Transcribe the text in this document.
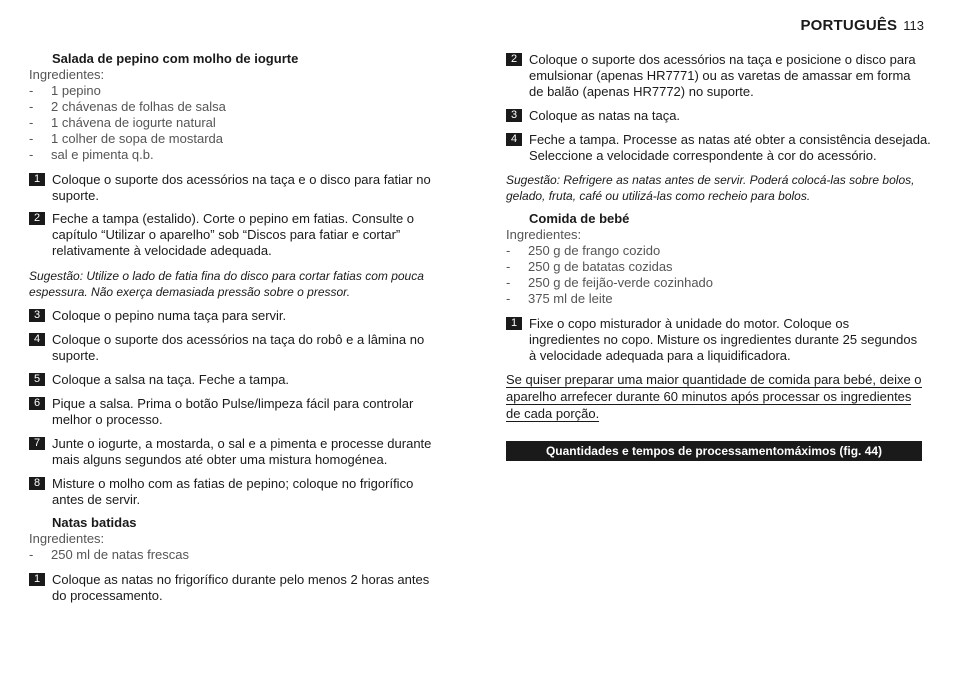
PORTUGUÊS 113
Salada de pepino com molho de iogurte
Ingredientes:
- 1 pepino
- 2 chávenas de folhas de salsa
- 1 chávena de iogurte natural
- 1 colher de sopa de mostarda
- sal e pimenta q.b.
1 Coloque o suporte dos acessórios na taça e o disco para fatiar no
suporte.
2 Feche a tampa (estalido). Corte o pepino em fatias. Consulte o
capítulo “Utilizar o aparelho” sob “Discos para fatiar e cortar”
relativamente à velocidade adequada.
Sugestão: Utilize o lado de fatia fina do disco para cortar fatias com pouca
espessura. Não exerça demasiada pressão sobre o pressor.
3 Coloque o pepino numa taça para servir.
4 Coloque o suporte dos acessórios na taça do robô e a lâmina no
suporte.
5 Coloque a salsa na taça. Feche a tampa.
6 Pique a salsa. Prima o botão Pulse/limpeza fácil para controlar
melhor o processo.
7 Junte o iogurte, a mostarda, o sal e a pimenta e processe durante
mais alguns segundos até obter uma mistura homogénea.
8 Misture o molho com as fatias de pepino; coloque no frigorífico
antes de servir.
Natas batidas
Ingredientes:
- 250 ml de natas frescas
1 Coloque as natas no frigorífico durante pelo menos 2 horas antes
do processamento.
2 Coloque o suporte dos acessórios na taça e posicione o disco para
emulsionar (apenas HR7771) ou as varetas de amassar em forma
de balão (apenas HR7772) no suporte.
3 Coloque as natas na taça.
4 Feche a tampa. Processe as natas até obter a consistência desejada.
Seleccione a velocidade correspondente à cor do acessório.
Sugestão: Refrigere as natas antes de servir. Poderá colocá-las sobre bolos,
gelado, fruta, café ou utilizá-las como recheio para bolos.
Comida de bebé
Ingredientes:
- 250 g de frango cozido
- 250 g de batatas cozidas
- 250 g de feijão-verde cozinhado
- 375 ml de leite
1 Fixe o copo misturador à unidade do motor. Coloque os
ingredientes no copo. Misture os ingredientes durante 25 segundos
à velocidade adequada para a liquidificadora.
Se quiser preparar uma maior quantidade de comida para bebé, deixe o
aparelho arrefecer durante 60 minutos após processar os ingredientes
de cada porção.
Quantidades e tempos de processamentomáximos (fig. 44)
